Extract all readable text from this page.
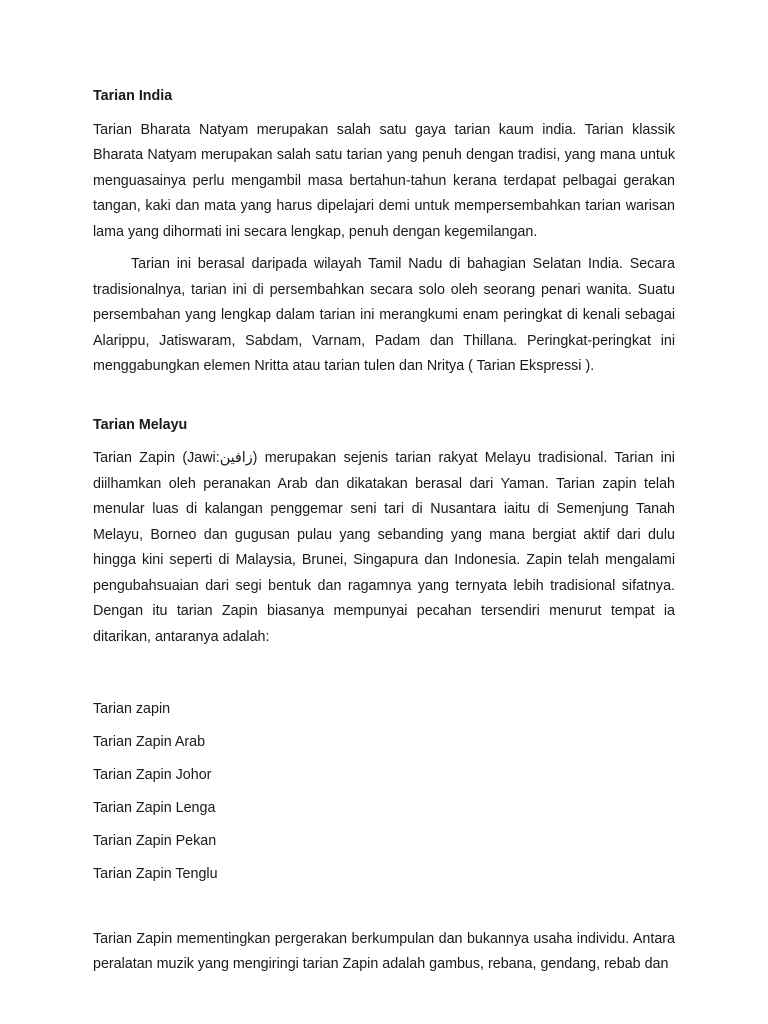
Tarian India

Tarian Bharata Natyam merupakan salah satu gaya tarian kaum india. Tarian klassik Bharata Natyam merupakan salah satu tarian yang penuh dengan tradisi, yang mana untuk menguasainya perlu mengambil masa bertahun-tahun kerana terdapat pelbagai gerakan tangan, kaki dan mata yang harus dipelajari demi untuk mempersembahkan tarian warisan lama yang dihormati ini secara lengkap, penuh dengan kegemilangan.

Tarian ini berasal daripada wilayah Tamil Nadu di bahagian Selatan India. Secara tradisionalnya, tarian ini di persembahkan secara solo oleh seorang penari wanita. Suatu persembahan yang lengkap dalam tarian ini merangkumi enam peringkat di kenali sebagai Alarippu, Jatiswaram, Sabdam, Varnam, Padam dan Thillana. Peringkat-peringkat ini menggabungkan elemen Nritta atau tarian tulen dan Nritya ( Tarian Ekspressi ).

Tarian Melayu

Tarian Zapin (Jawi:زافين) merupakan sejenis tarian rakyat Melayu tradisional. Tarian ini diilhamkan oleh peranakan Arab dan dikatakan berasal dari Yaman. Tarian zapin telah menular luas di kalangan penggemar seni tari di Nusantara iaitu di Semenjung Tanah Melayu, Borneo dan gugusan pulau yang sebanding yang mana bergiat aktif dari dulu hingga kini seperti di Malaysia, Brunei, Singapura dan Indonesia. Zapin telah mengalami pengubahsuaian dari segi bentuk dan ragamnya yang ternyata lebih tradisional sifatnya. Dengan itu tarian Zapin biasanya mempunyai pecahan tersendiri menurut tempat ia ditarikan, antaranya adalah:

Tarian zapin
Tarian Zapin Arab
Tarian Zapin Johor
Tarian Zapin Lenga
Tarian Zapin Pekan
Tarian Zapin Tenglu

Tarian Zapin mementingkan pergerakan berkumpulan dan bukannya usaha individu. Antara peralatan muzik yang mengiringi tarian Zapin adalah gambus, rebana, gendang, rebab dan
